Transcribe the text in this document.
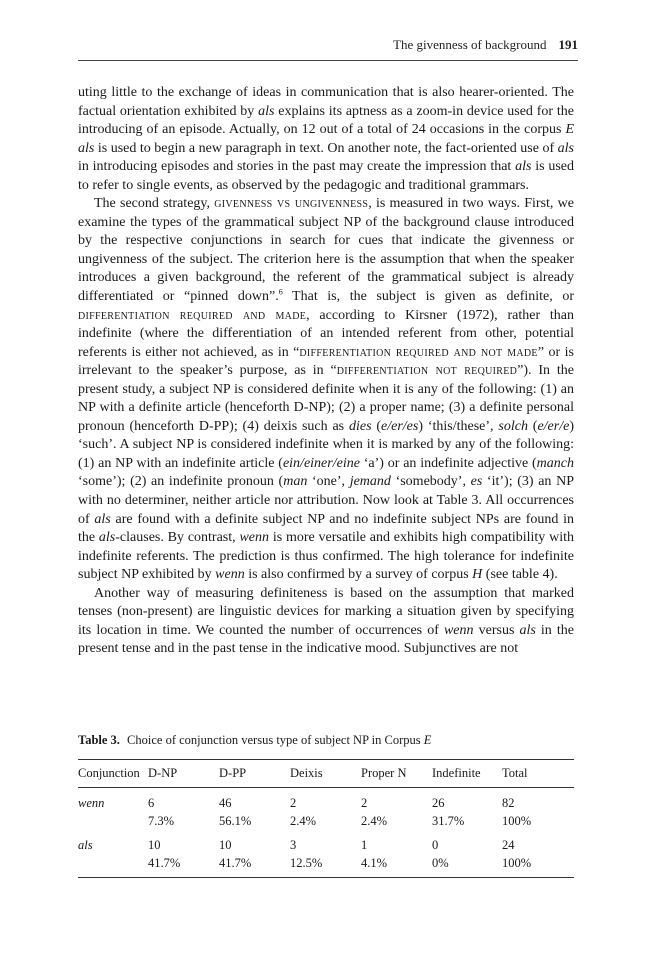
The givenness of background 191

uting little to the exchange of ideas in communication that is also hearer-oriented. The factual orientation exhibited by als explains its aptness as a zoom-in device used for the introducing of an episode. Actually, on 12 out of a total of 24 occasions in the corpus E als is used to begin a new paragraph in text. On another note, the fact-oriented use of als in introducing episodes and stories in the past may create the impression that als is used to refer to single events, as observed by the pedagogic and traditional grammars.

The second strategy, givenness vs ungivenness, is measured in two ways. First, we examine the types of the grammatical subject NP of the background clause introduced by the respective conjunctions in search for cues that indicate the givenness or ungivenness of the subject. The criterion here is the assumption that when the speaker introduces a given background, the referent of the grammatical subject is already differentiated or “pinned down”.$^6$ That is, the subject is given as definite, or differentiation required and made, according to Kirsner (1972), rather than indefinite (where the differentiation of an intended referent from other, potential referents is either not achieved, as in “differentiation required and not made” or is irrelevant to the speaker’s purpose, as in “differentiation not required”). In the present study, a subject NP is considered definite when it is any of the following: (1) an NP with a definite article (henceforth D-NP); (2) a proper name; (3) a definite personal pronoun (henceforth D-PP); (4) deixis such as dies (e/​er/​es) ‘this/these’, solch (e/er/e) ‘such’. A subject NP is considered indefinite when it is marked by any of the following: (1) an NP with an indefinite article (ein/einer/eine ‘a’) or an indefinite adjective (manch ‘some’); (2) an indefinite pronoun (man ‘one’, jemand ‘somebody’, es ‘it’); (3) an NP with no determiner, neither article nor attribution. Now look at Table 3. All occurrences of als are found with a definite subject NP and no indefinite subject NPs are found in the als-clauses. By contrast, wenn is more versatile and exhibits high compatibility with indefinite referents. The prediction is thus confirmed. The high tolerance for indefinite subject NP exhibited by wenn is also confirmed by a survey of corpus H (see table 4).

Another way of measuring definiteness is based on the assumption that marked tenses (non-present) are linguistic devices for marking a situation given by specifying its location in time. We counted the number of occurrences of wenn versus als in the present tense and in the past tense in the indicative mood. Subjunctives are not

Table 3. Choice of conjunction versus type of subject NP in Corpus E
Conjunction	D-NP	D-PP	Deixis	Proper N	Indefinite	Total
wenn	6	46	2	2	26	82
	7.3%	56.1%	2.4%	2.4%	31.7%	100%
als	10	10	3	1	0	24
	41.7%	41.7%	12.5%	4.1%	0%	100%
